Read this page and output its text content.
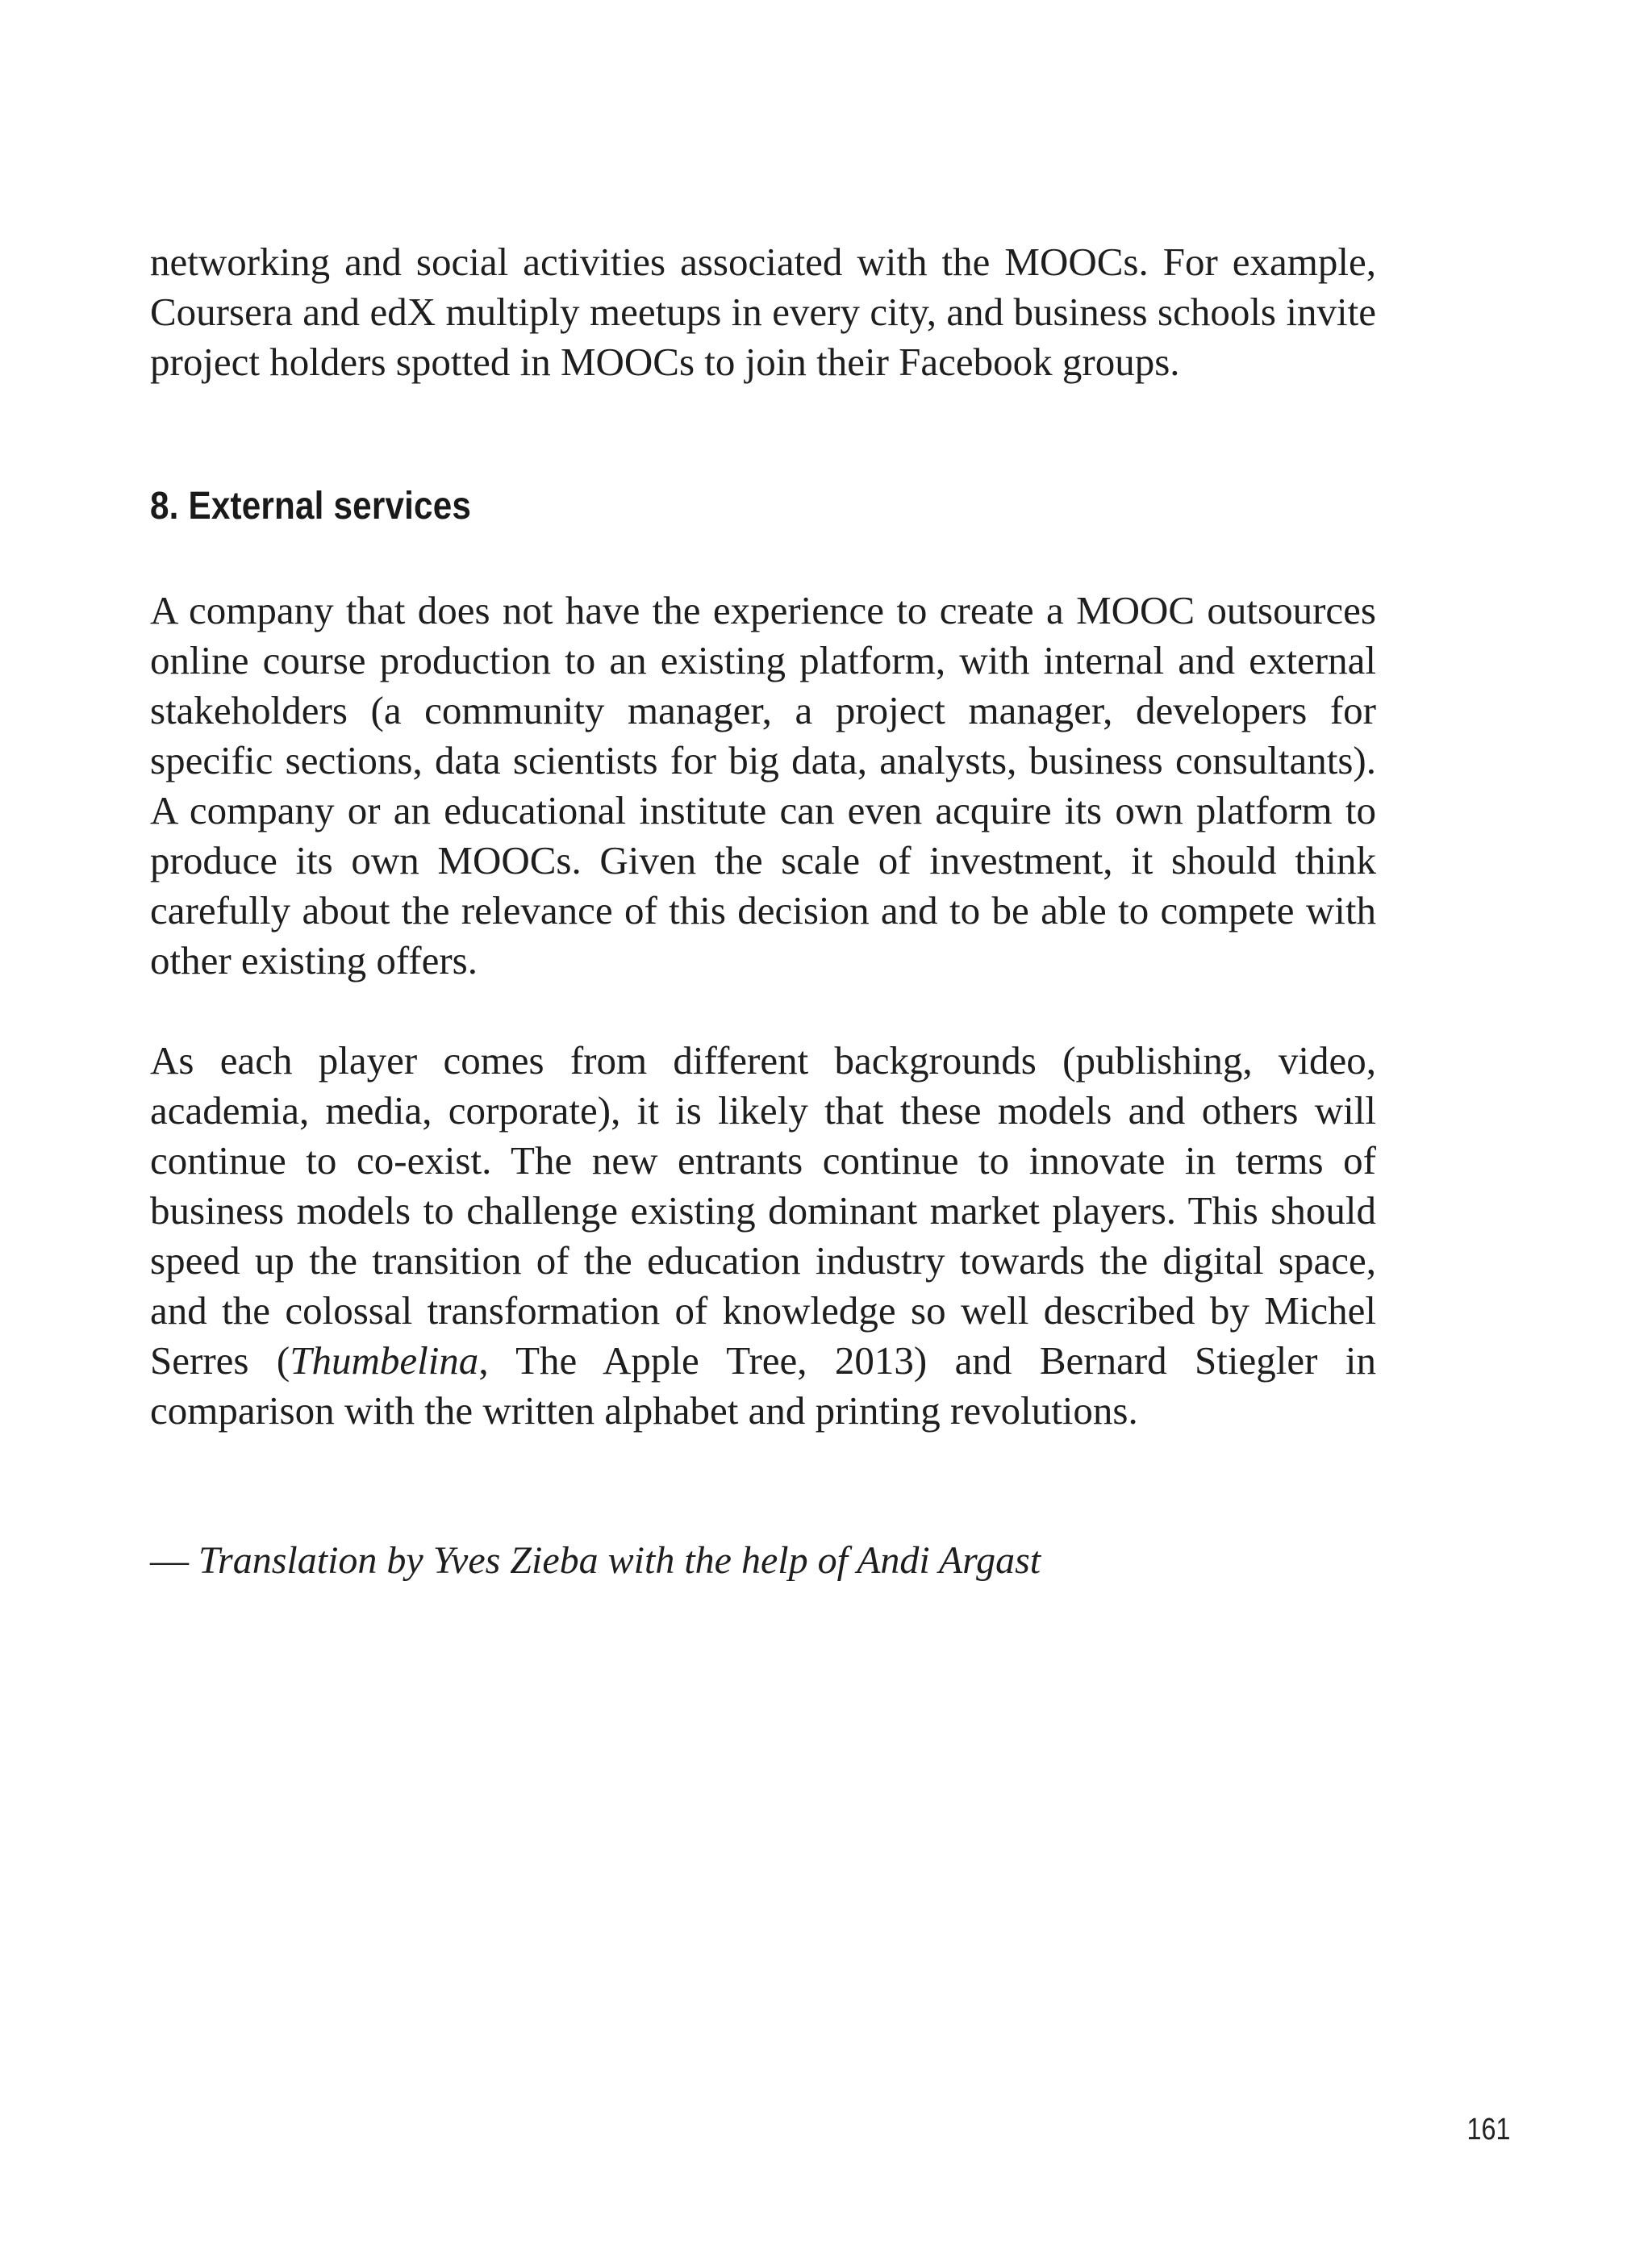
networking and social activities associated with the MOOCs. For example, Coursera and edX multiply meetups in every city, and business schools invite project holders spotted in MOOCs to join their Facebook groups.

8. External services

A company that does not have the experience to create a MOOC outsources online course production to an existing platform, with internal and external stakeholders (a community manager, a project manager, developers for specific sections, data scientists for big data, analysts, business consultants). A company or an educational institute can even acquire its own platform to produce its own MOOCs. Given the scale of investment, it should think carefully about the relevance of this decision and to be able to compete with other existing offers.

As each player comes from different backgrounds (publishing, video, academia, media, corporate), it is likely that these models and others will continue to co-exist. The new entrants continue to innovate in terms of business models to challenge existing dominant market players. This should speed up the transition of the education industry towards the digital space, and the colossal transformation of knowledge so well described by Michel Serres (Thumbelina, The Apple Tree, 2013) and Bernard Stiegler in comparison with the written alphabet and printing revolutions.

— Translation by Yves Zieba with the help of Andi Argast
161
